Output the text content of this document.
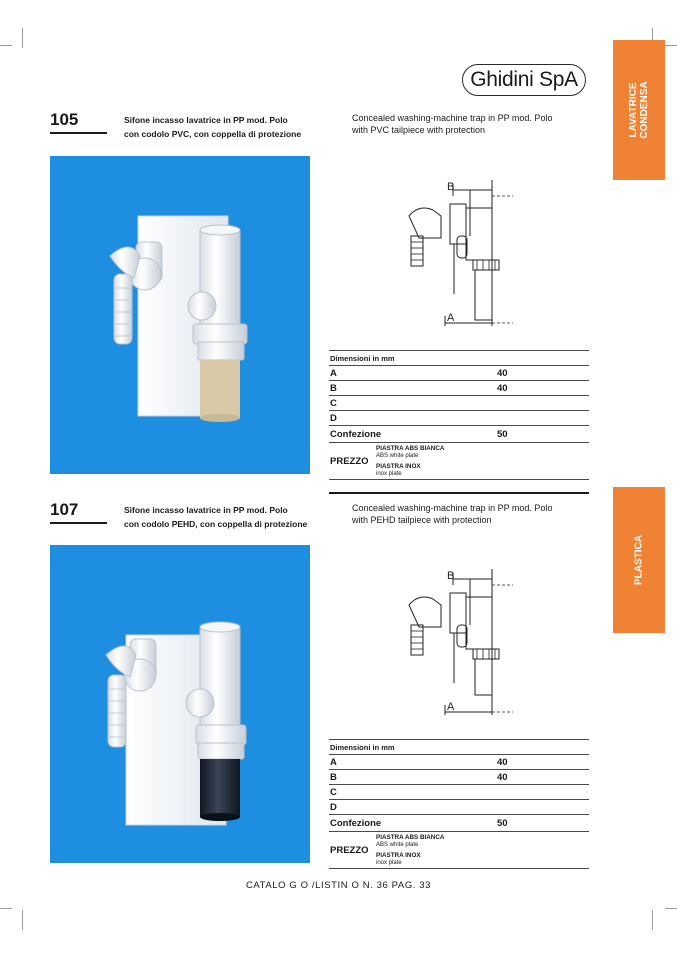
Ghidini SpA
LAVATRICE
CONDENSA
PLASTICA
105	Sifone incasso lavatrice in PP mod. Polo
con codolo PVC, con coppella di protezione
Concealed washing-machine trap in PP mod. Polo
with PVC tailpiece with protection
B
A
Dimensioni in mm
A	40
B	40
C
D
Confezione	50
PREZZO
PIASTRA ABS BIANCA
ABS white plate
PIASTRA INOX
inox plate
107	Sifone incasso lavatrice in PP mod. Polo
con codolo PEHD, con coppella di protezione
Concealed washing-machine trap in PP mod. Polo
with PEHD tailpiece with protection
B
A
Dimensioni in mm
A	40
B	40
C
D
Confezione	50
PREZZO
PIASTRA ABS BIANCA
ABS white plate
PIASTRA INOX
inox plate
CATALO G O /LISTIN O N. 36 PAG. 33
